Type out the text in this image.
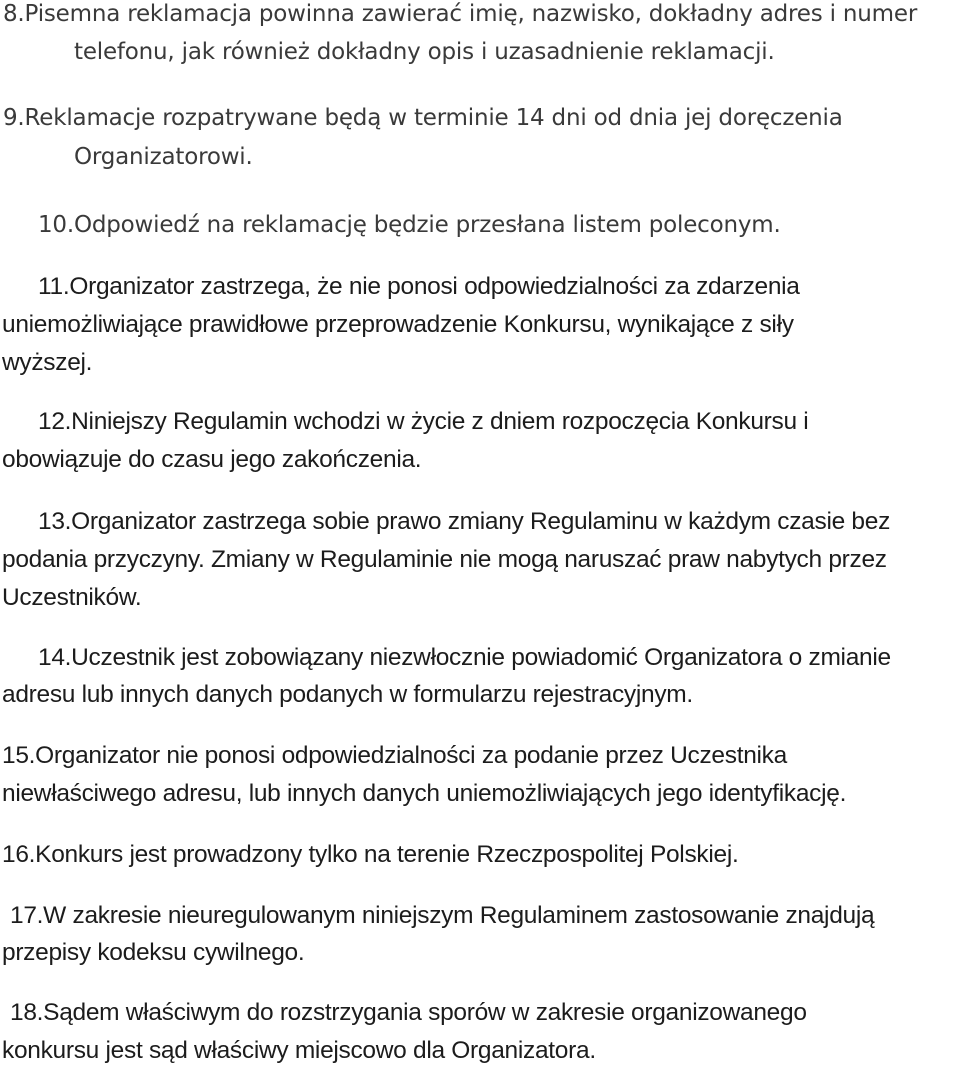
8.Pisemna reklamacja powinna zawierać imię, nazwisko, dokładny adres i numer
telefonu, jak również dokładny opis i uzasadnienie reklamacji.
9.Reklamacje rozpatrywane będą w terminie 14 dni od dnia jej doręczenia
Organizatorowi.
10.Odpowiedź na reklamację będzie przesłana listem poleconym.
11.Organizator zastrzega, że nie ponosi odpowiedzialności za zdarzenia
uniemożliwiające prawidłowe przeprowadzenie Konkursu, wynikające z siły
wyższej.
12.Niniejszy Regulamin wchodzi w życie z dniem rozpoczęcia Konkursu i
obowiązuje do czasu jego zakończenia.
13.Organizator zastrzega sobie prawo zmiany Regulaminu w każdym czasie bez
podania przyczyny. Zmiany w Regulaminie nie mogą naruszać praw nabytych przez
Uczestników.
14.Uczestnik jest zobowiązany niezwłocznie powiadomić Organizatora o zmianie
adresu lub innych danych podanych w formularzu rejestracyjnym.
15.Organizator nie ponosi odpowiedzialności za podanie przez Uczestnika
niewłaściwego adresu, lub innych danych uniemożliwiających jego identyfikację.
16.Konkurs jest prowadzony tylko na terenie Rzeczpospolitej Polskiej.
17.W zakresie nieuregulowanym niniejszym Regulaminem zastosowanie znajdują
przepisy kodeksu cywilnego.
18.Sądem właściwym do rozstrzygania sporów w zakresie organizowanego
konkursu jest sąd właściwy miejscowo dla Organizatora.
